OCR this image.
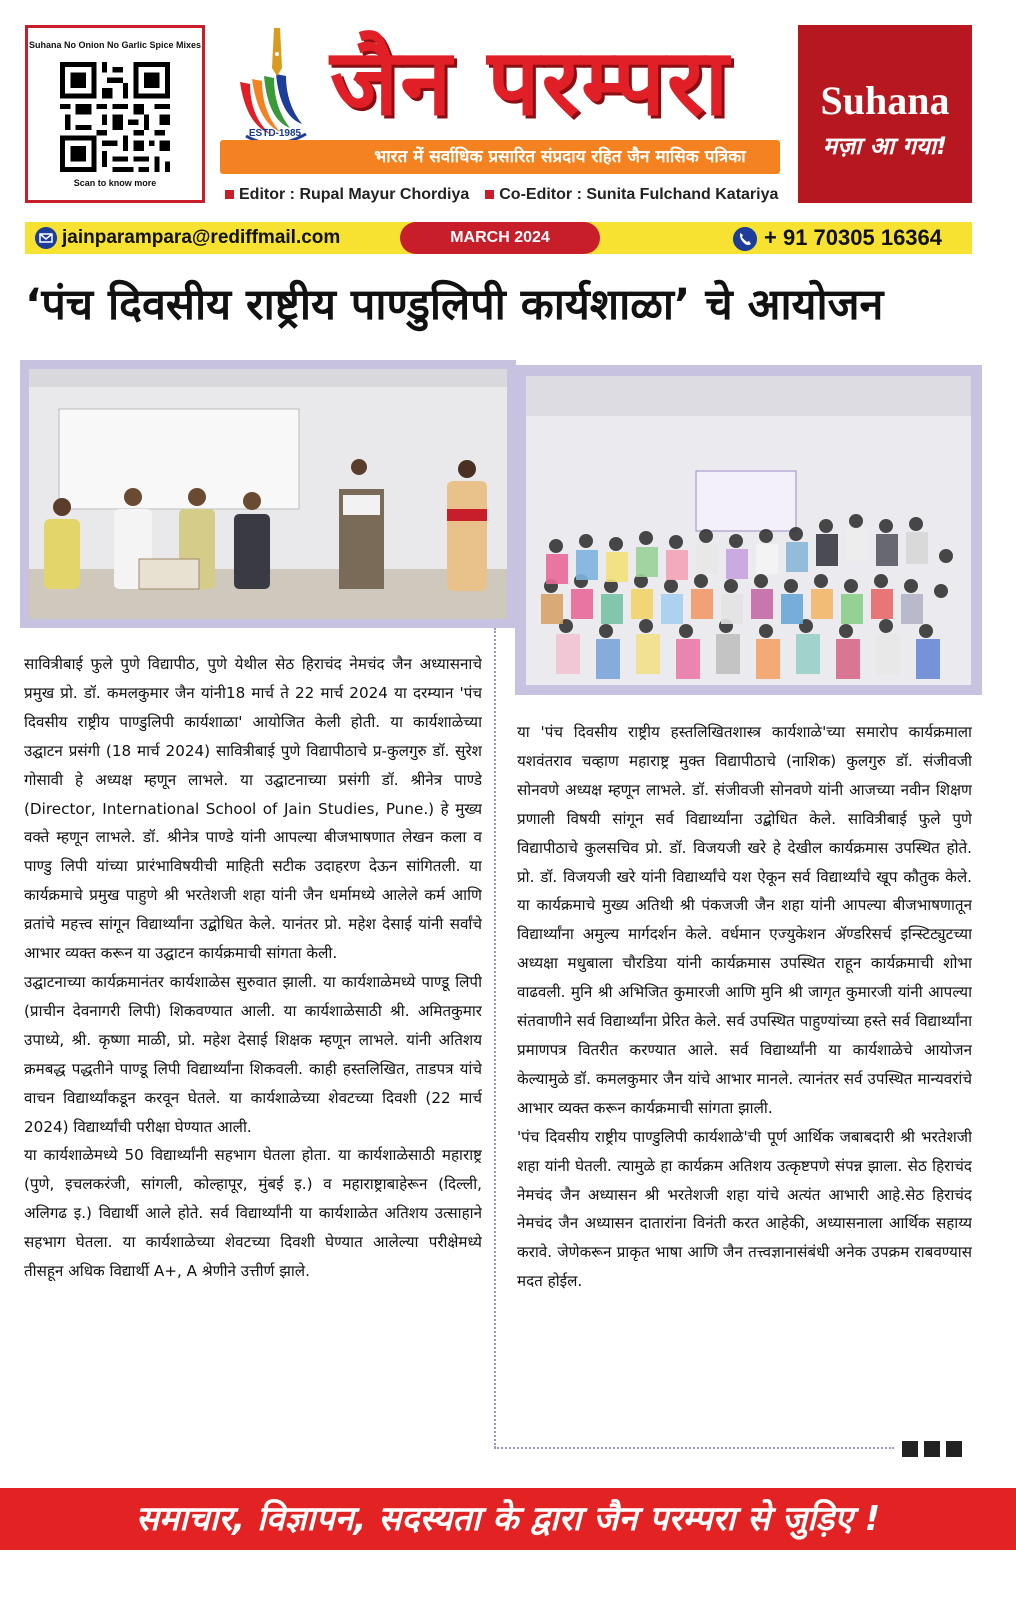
Suhana No Onion No Garlic Spice Mixes
Scan to know more
ESTD-1985 जैन परम्परा
भारत में सर्वाधिक प्रसारित संप्रदाय रहित जैन मासिक पत्रिका
Editor : Rupal Mayur Chordiya Co-Editor : Sunita Fulchand Katariya
Suhana
मज़ा आ गया!
jainparampara@rediffmail.com	MARCH 2024	+ 91 70305 16364
‘पंच दिवसीय राष्ट्रीय पाण्डुलिपी कार्यशाळा’ चे आयोजन

सावित्रीबाई फुले पुणे विद्यापीठ, पुणे येथील सेठ हिराचंद नेमचंद जैन अध्यासनाचे प्रमुख प्रो. डॉ. कमलकुमार जैन यांनी18 मार्च ते 22 मार्च 2024 या दरम्यान 'पंच दिवसीय राष्ट्रीय पाण्डुलिपी कार्यशाळा' आयोजित केली होती. या कार्यशाळेच्या उद्घाटन प्रसंगी (18 मार्च 2024) सावित्रीबाई पुणे विद्यापीठाचे प्र-कुलगुरु डॉ. सुरेश गोसावी हे अध्यक्ष म्हणून लाभले. या उद्घाटनाच्या प्रसंगी डॉ. श्रीनेत्र पाण्डे (Director, International School of Jain Studies, Pune.) हे मुख्य वक्ते म्हणून लाभले. डॉ. श्रीनेत्र पाण्डे यांनी आपल्या बीजभाषणात लेखन कला व पाण्डु लिपी यांच्या प्रारंभाविषयीची माहिती सटीक उदाहरण देऊन सांगितली. या कार्यक्रमाचे प्रमुख पाहुणे श्री भरतेशजी शहा यांनी जैन धर्मामध्ये आलेले कर्म आणि व्रतांचे महत्त्व सांगून विद्यार्थ्यांना उद्बोधित केले. यानंतर प्रो. महेश देसाई यांनी सर्वांचे आभार व्यक्त करून या उद्घाटन कार्यक्रमाची सांगता केली.

उद्घाटनाच्या कार्यक्रमानंतर कार्यशाळेस सुरुवात झाली. या कार्यशाळेमध्ये पाण्डू लिपी (प्राचीन देवनागरी लिपी) शिकवण्यात आली. या कार्यशाळेसाठी श्री. अमितकुमार उपाध्ये, श्री. कृष्णा माळी, प्रो. महेश देसाई शिक्षक म्हणून लाभले. यांनी अतिशय क्रमबद्ध पद्धतीने पाण्डू लिपी विद्यार्थ्यांना शिकवली. काही हस्तलिखित, ताडपत्र यांचे वाचन विद्यार्थ्यांकडून करवून घेतले. या कार्यशाळेच्या शेवटच्या दिवशी (22 मार्च 2024) विद्यार्थ्यांची परीक्षा घेण्यात आली.

या कार्यशाळेमध्ये 50 विद्यार्थ्यांनी सहभाग घेतला होता. या कार्यशाळेसाठी महाराष्ट्र (पुणे, इचलकरंजी, सांगली, कोल्हापूर, मुंबई इ.) व महाराष्ट्राबाहेरून (दिल्ली, अलिगढ इ.) विद्यार्थी आले होते. सर्व विद्यार्थ्यांनी या कार्यशाळेत अतिशय उत्साहाने सहभाग घेतला. या कार्यशाळेच्या शेवटच्या दिवशी घेण्यात आलेल्या परीक्षेमध्ये तीसहून अधिक विद्यार्थी A+, A श्रेणीने उत्तीर्ण झाले.

या 'पंच दिवसीय राष्ट्रीय हस्तलिखितशास्त्र कार्यशाळे'च्या समारोप कार्यक्रमाला यशवंतराव चव्हाण महाराष्ट्र मुक्त विद्यापीठाचे (नाशिक) कुलगुरु डॉ. संजीवजी सोनवणे अध्यक्ष म्हणून लाभले. डॉ. संजीवजी सोनवणे यांनी आजच्या नवीन शिक्षण प्रणाली विषयी सांगून सर्व विद्यार्थ्यांना उद्बोधित केले. सावित्रीबाई फुले पुणे विद्यापीठाचे कुलसचिव प्रो. डॉ. विजयजी खरे हे देखील कार्यक्रमास उपस्थित होते. प्रो. डॉ. विजयजी खरे यांनी विद्यार्थ्यांचे यश ऐकून सर्व विद्यार्थ्यांचे खूप कौतुक केले. या कार्यक्रमाचे मुख्य अतिथी श्री पंकजजी जैन शहा यांनी आपल्या बीजभाषणातून विद्यार्थ्यांना अमुल्य मार्गदर्शन केले. वर्धमान एज्युकेशन ॲण्डरिसर्च इन्स्टिट्युटच्या अध्यक्षा मधुबाला चौरडिया यांनी कार्यक्रमास उपस्थित राहून कार्यक्रमाची शोभा वाढवली. मुनि श्री अभिजित कुमारजी आणि मुनि श्री जागृत कुमारजी यांनी आपल्या संतवाणीने सर्व विद्यार्थ्यांना प्रेरित केले. सर्व उपस्थित पाहुण्यांच्या हस्ते सर्व विद्यार्थ्यांना प्रमाणपत्र वितरीत करण्यात आले. सर्व विद्यार्थ्यांनी या कार्यशाळेचे आयोजन केल्यामुळे डॉ. कमलकुमार जैन यांचे आभार मानले. त्यानंतर सर्व उपस्थित मान्यवरांचे आभार व्यक्त करून कार्यक्रमाची सांगता झाली.

'पंच दिवसीय राष्ट्रीय पाण्डुलिपी कार्यशाळे'ची पूर्ण आर्थिक जबाबदारी श्री भरतेशजी शहा यांनी घेतली. त्यामुळे हा कार्यक्रम अतिशय उत्कृष्टपणे संपन्न झाला. सेठ हिराचंद नेमचंद जैन अध्यासन श्री भरतेशजी शहा यांचे अत्यंत आभारी आहे.सेठ हिराचंद नेमचंद जैन अध्यासन दातारांना विनंती करत आहेकी, अध्यासनाला आर्थिक सहाय्य करावे. जेणेकरून प्राकृत भाषा आणि जैन तत्त्वज्ञानासंबंधी अनेक उपक्रम राबवण्यास मदत होईल.

समाचार, विज्ञापन, सदस्यता के द्वारा जैन परम्परा से जुड़िए !
